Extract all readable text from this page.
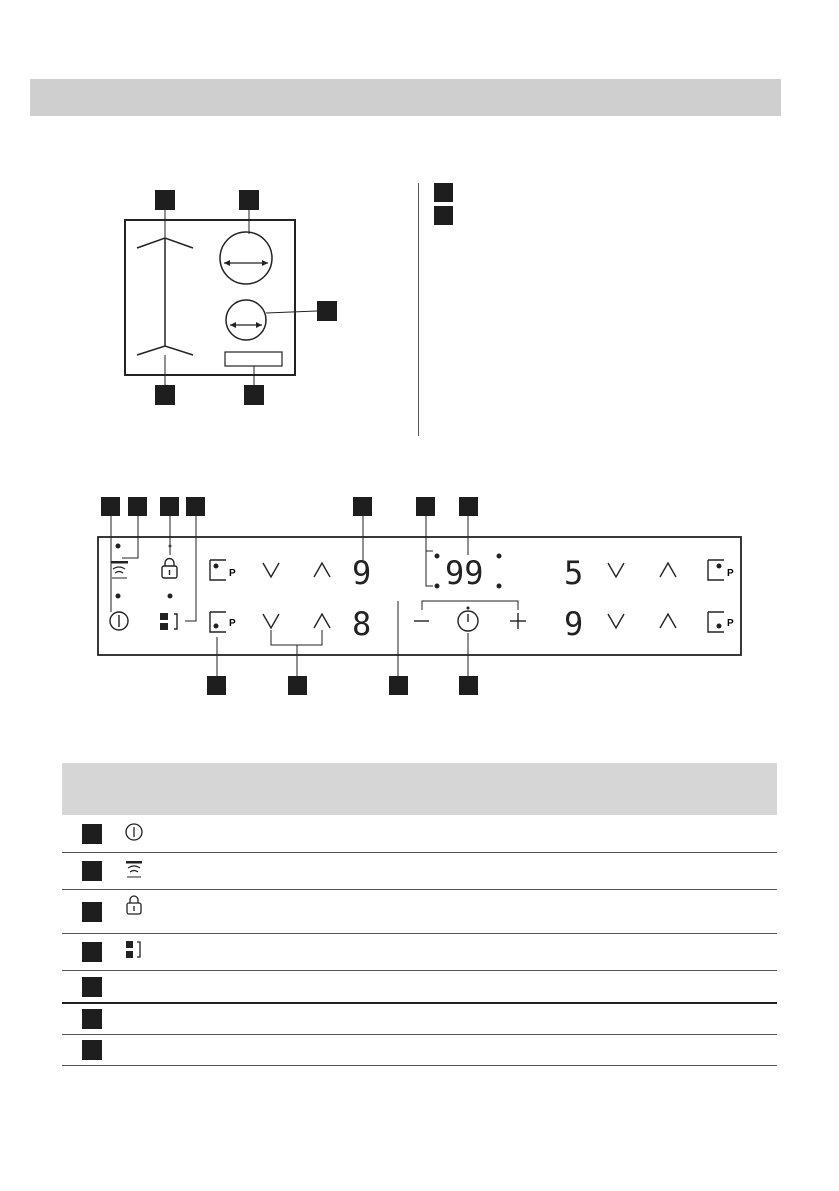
P
P
P
P
9
8
99	5
9
